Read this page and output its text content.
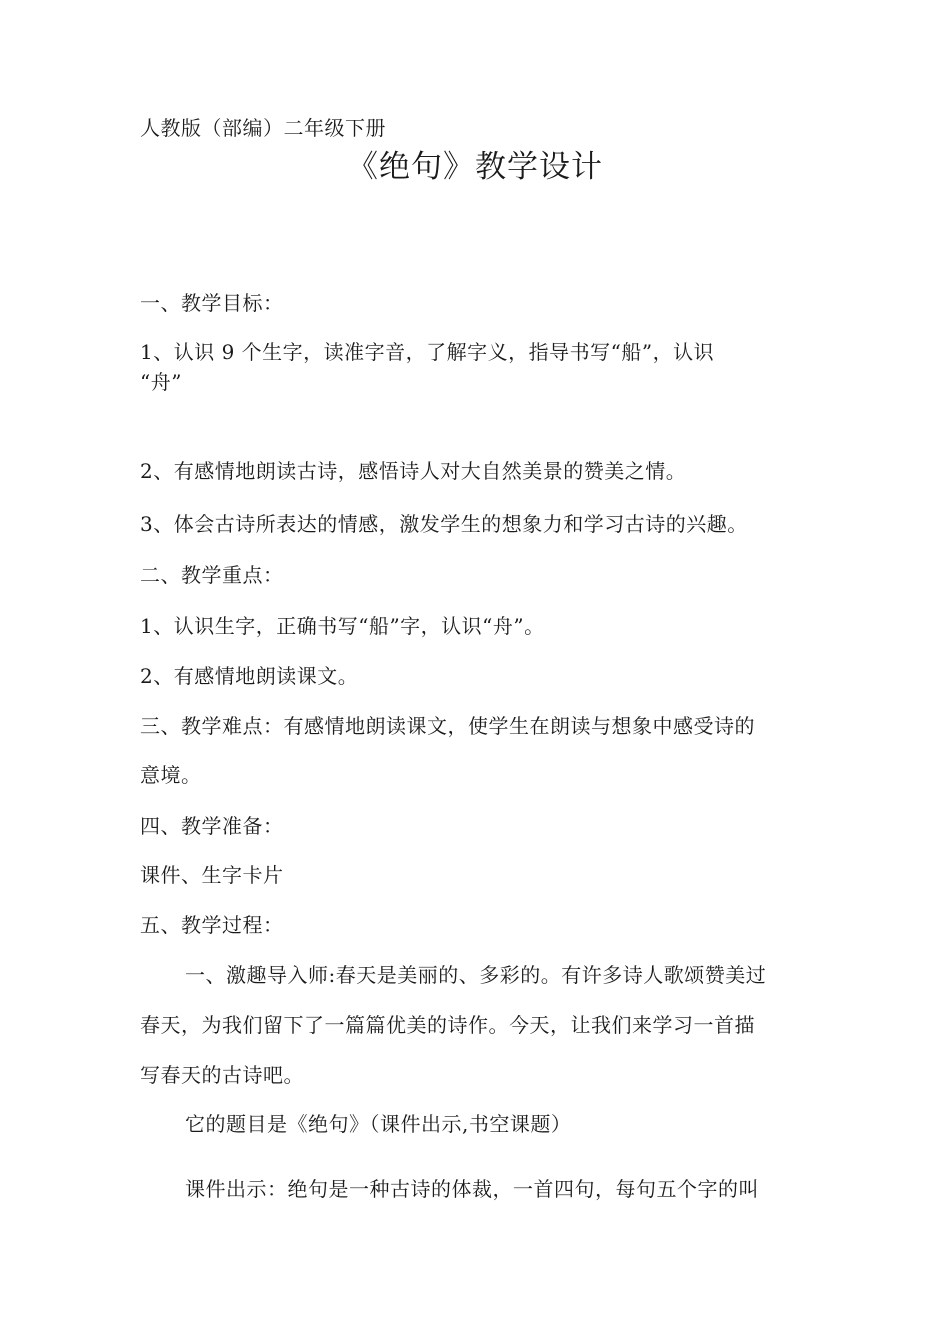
人教版（部编）二年级下册
《绝句》教学设计
一、教学目标：
1、认识 9 个生字，读准字音，了解字义，指导书写“船”，认识
“舟”
2、有感情地朗读古诗，感悟诗人对大自然美景的赞美之情。
3、体会古诗所表达的情感，激发学生的想象力和学习古诗的兴趣。
二、教学重点：
1、认识生字，正确书写“船”字，认识“舟”。
2、有感情地朗读课文。
三、教学难点：有感情地朗读课文，使学生在朗读与想象中感受诗的
意境。
四、教学准备：
课件、生字卡片
五、教学过程：
一、激趣导入师:春天是美丽的、多彩的。有许多诗人歌颂赞美过
春天，为我们留下了一篇篇优美的诗作。今天，让我们来学习一首描
写春天的古诗吧。
它的题目是《绝句》（课件出示,书空课题）
课件出示：绝句是一种古诗的体裁，一首四句，每句五个字的叫
